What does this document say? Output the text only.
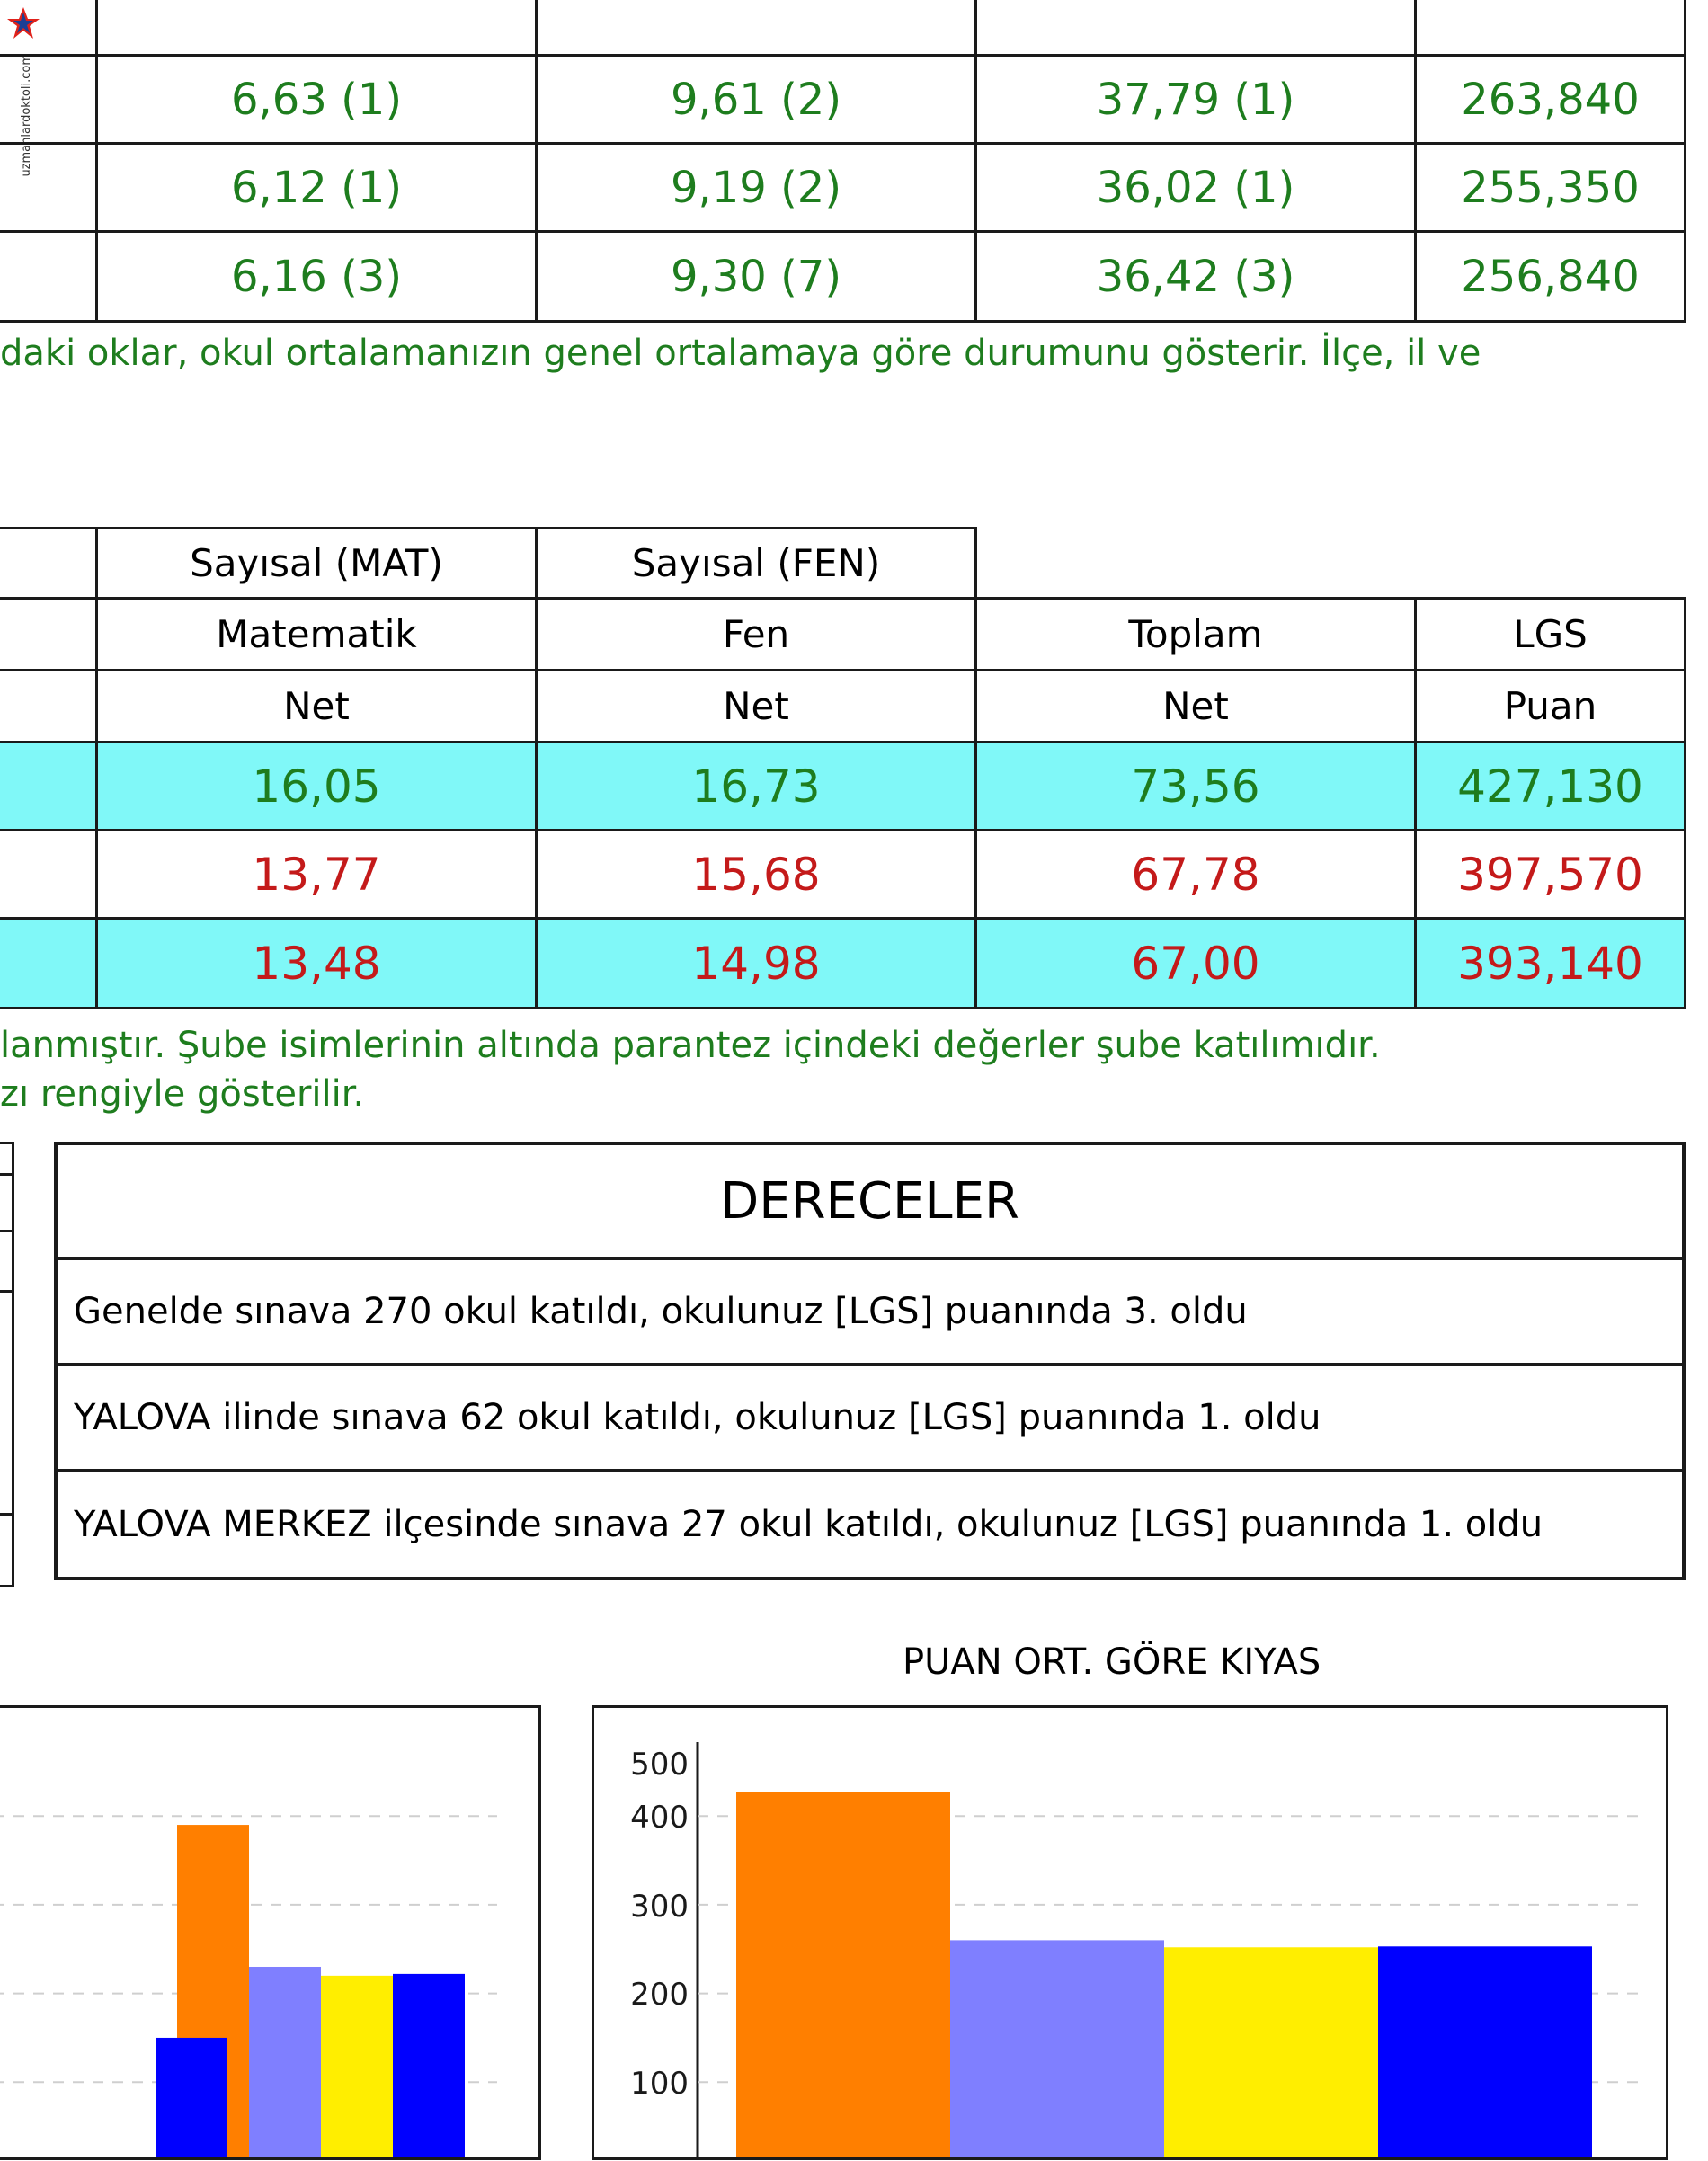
uzmanlardoktoli.com

		6,63 (1)	9,61 (2)	37,79 (1)	263,840
	6,12 (1)	9,19 (2)	36,02 (1)	255,350
	6,16 (3)	9,30 (7)	36,42 (3)	256,840
daki oklar, okul ortalamanızın genel ortalamaya göre durumunu gösterir. İlçe, il ve
	Sayısal (MAT)	Sayısal (FEN)		
	Matematik	Fen	Toplam	LGS
	Net	Net	Net	Puan
	16,05	16,73	73,56	427,130
	13,77	15,68	67,78	397,570
	13,48	14,98	67,00	393,140
lanmıştır. Şube isimlerinin altında parantez içindeki değerler şube katılımıdır.
zı rengiyle gösterilir.
DERECELER
Genelde sınava 270 okul katıldı, okulunuz [LGS] puanında 3. oldu
YALOVA ilinde sınava 62 okul katıldı, okulunuz [LGS] puanında 1. oldu
YALOVA MERKEZ ilçesinde sınava 27 okul katıldı, okulunuz [LGS] puanında 1. oldu
PUAN ORT. GÖRE KIYAS
500
400
300
200
100
